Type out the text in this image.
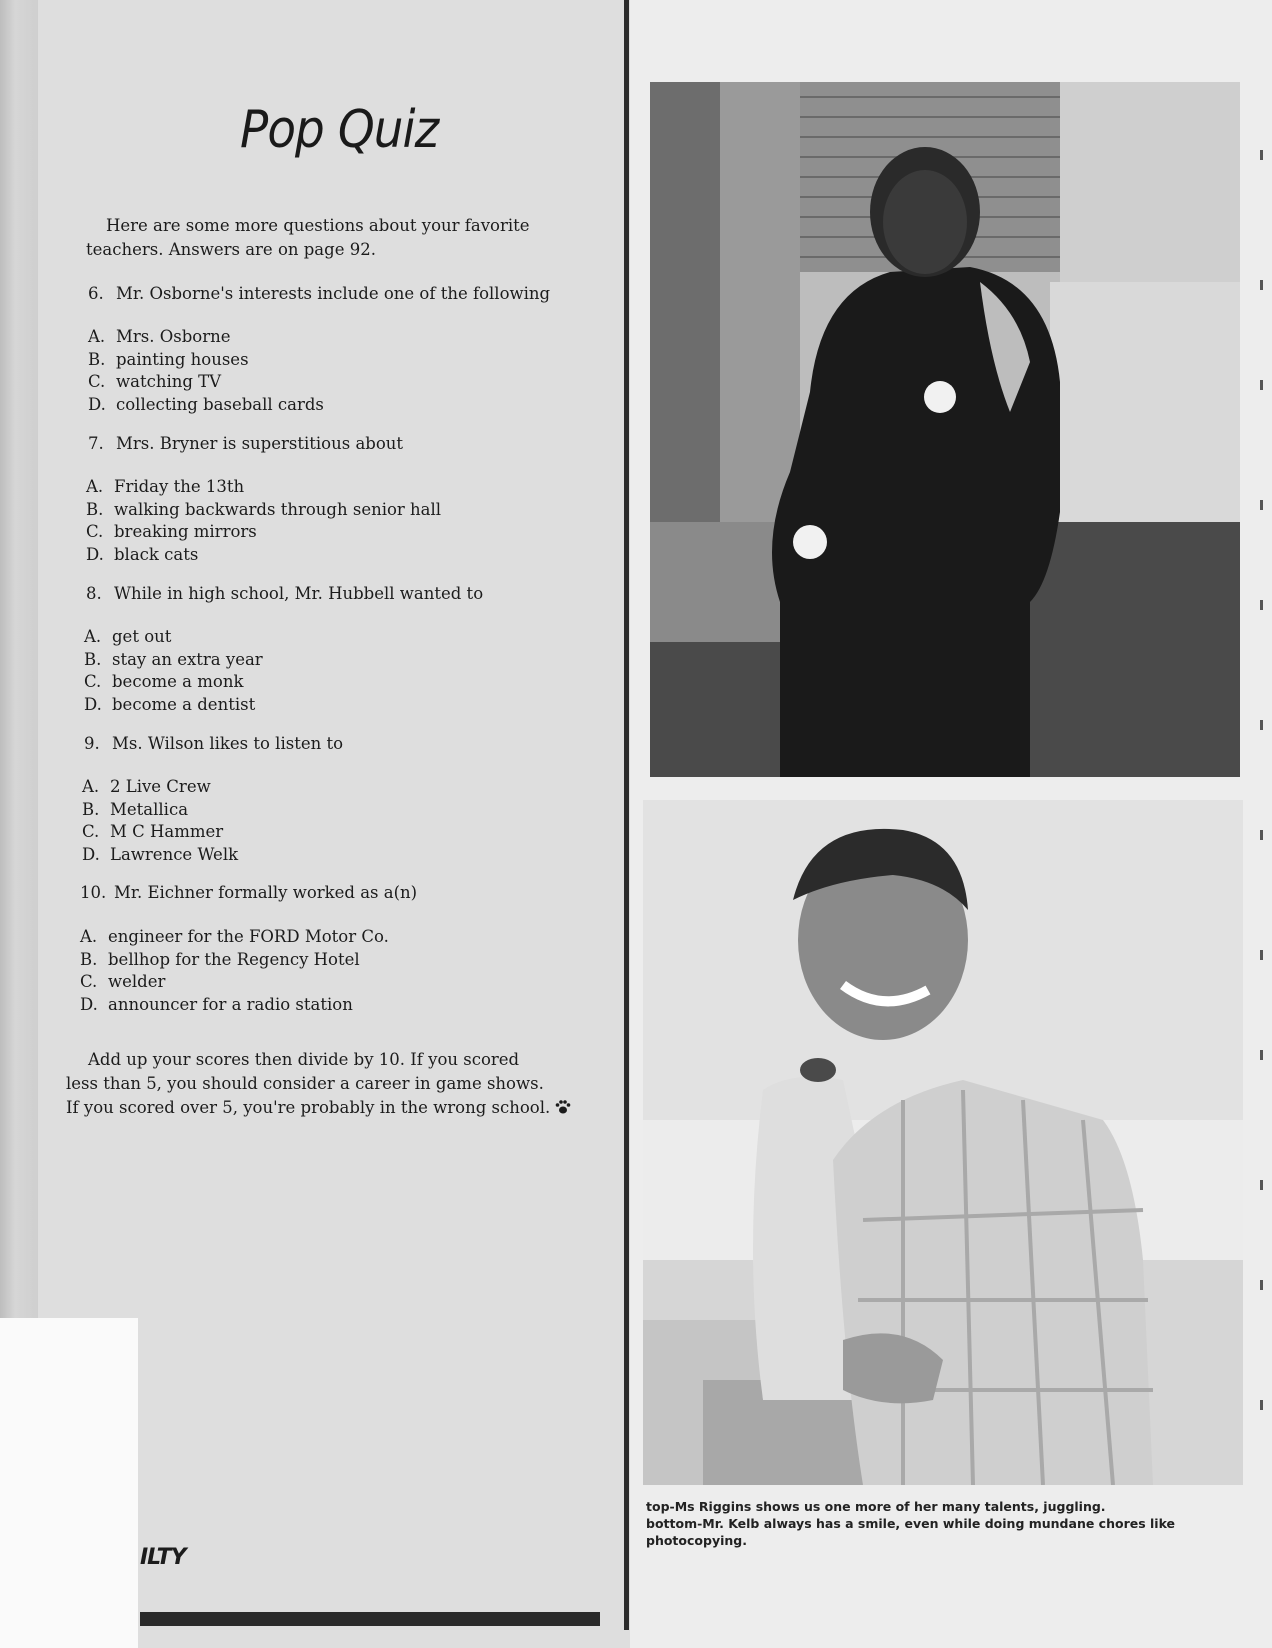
Pop Quiz
Here are some more questions about your favorite teachers. Answers are on page 92.
6. Mr. Osborne's interests include one of the following
A. Mrs. Osborne
B. painting houses
C. watching TV
D. collecting baseball cards
7. Mrs. Bryner is superstitious about
A. Friday the 13th
B. walking backwards through senior hall
C. breaking mirrors
D. black cats
8. While in high school, Mr. Hubbell wanted to
A. get out
B. stay an extra year
C. become a monk
D. become a dentist
9. Ms. Wilson likes to listen to
A. 2 Live Crew
B. Metallica
C. M C Hammer
D. Lawrence Welk
10. Mr. Eichner formally worked as a(n)
A. engineer for the FORD Motor Co.
B. bellhop for the Regency Hotel
C. welder
D. announcer for a radio station
Add up your scores then divide by 10. If you scored
less than 5, you should consider a career in game shows.
If you scored over 5, you're probably in the wrong school.
ILTY
top-Ms Riggins shows us one more of her many talents, juggling.
bottom-Mr. Kelb always has a smile, even while doing mundane chores like
photocopying.
